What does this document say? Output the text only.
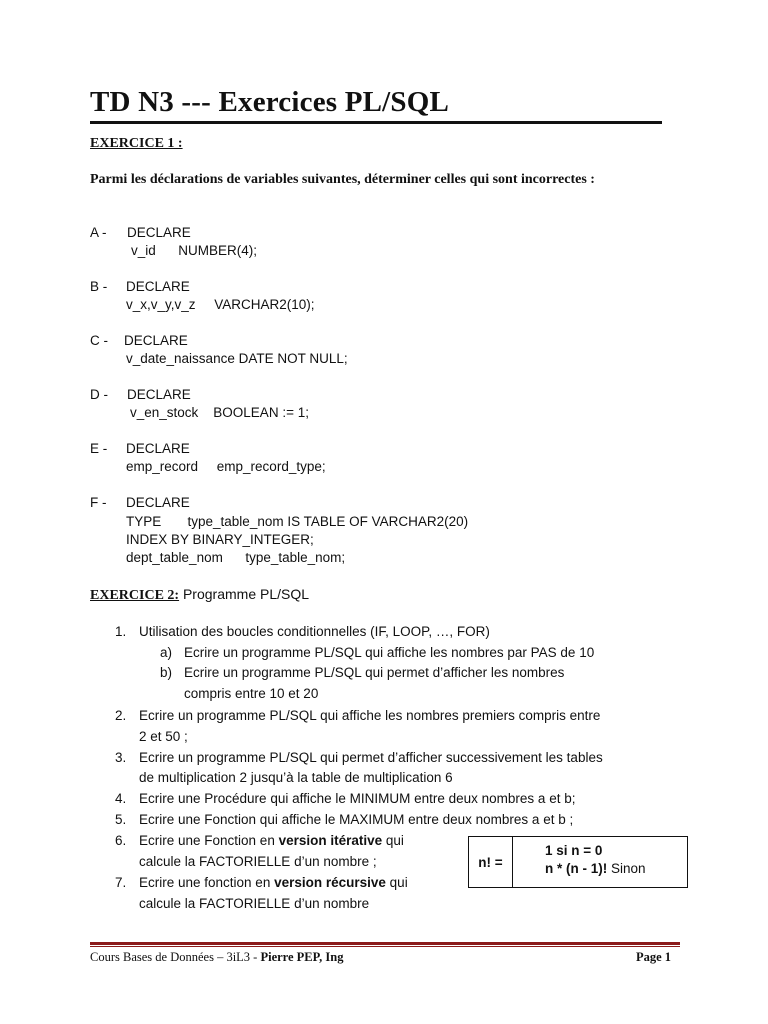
TD N3 --- Exercices PL/SQL
EXERCICE 1 :
Parmi les déclarations de variables suivantes, déterminer celles qui sont incorrectes :
A - DECLARE
v_id      NUMBER(4);
B - DECLARE
v_x,v_y,v_z     VARCHAR2(10);
C - DECLARE
v_date_naissance DATE NOT NULL;
D - DECLARE
v_en_stock    BOOLEAN := 1;
E - DECLARE
emp_record     emp_record_type;
F - DECLARE
TYPE       type_table_nom IS TABLE OF VARCHAR2(20)
INDEX BY BINARY_INTEGER;
dept_table_nom      type_table_nom;
EXERCICE 2: Programme PL/SQL
1. Utilisation des boucles conditionnelles (IF, LOOP, …, FOR)
a) Ecrire un programme PL/SQL qui affiche les nombres par PAS de 10
b) Ecrire un programme PL/SQL qui permet d’afficher les nombres
compris entre 10 et 20
2. Ecrire un programme PL/SQL qui affiche les nombres premiers compris entre
2 et 50 ;
3. Ecrire un programme PL/SQL qui permet d’afficher successivement les tables
de multiplication 2 jusqu’à la table de multiplication 6
4. Ecrire une Procédure qui affiche le MINIMUM entre deux nombres a et b;
5. Ecrire une Fonction qui affiche le MAXIMUM entre deux nombres a et b ;
6. Ecrire une Fonction en version itérative qui
calcule la FACTORIELLE d’un nombre ;
7. Ecrire une fonction en version récursive qui
calcule la FACTORIELLE d’un nombre
n! =
1 si n = 0
n * (n - 1)! Sinon
Cours Bases de Données – 3iL3 - Pierre PEP, Ing	Page 1
